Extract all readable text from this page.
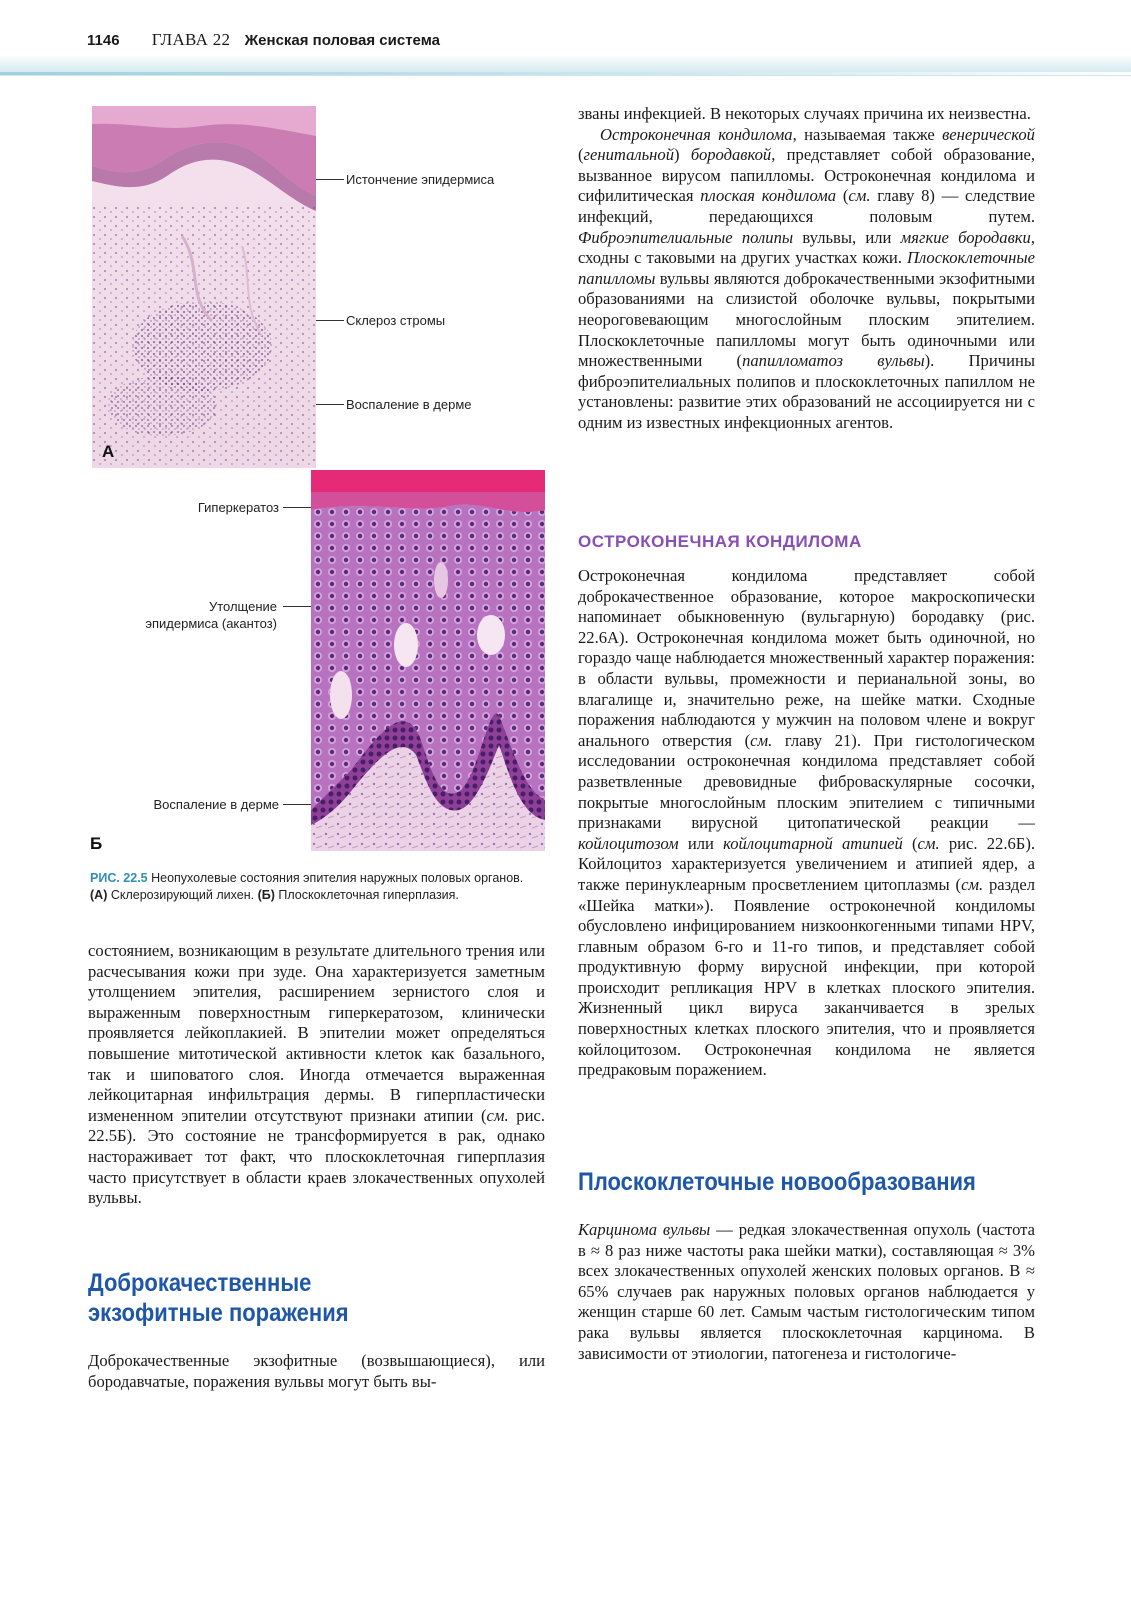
1146 ГЛАВА 22 Женская половая система
Истончение эпидермиса
Склероз стромы
Воспаление в дерме
А
Гиперкератоз
Утолщение
эпидермиса (акантоз)
Воспаление в дерме
Б
РИС. 22.5 Неопухолевые состояния эпителия наружных половых органов.
(А) Склерозирующий лихен. (Б) Плоскоклеточная гиперплазия.

состоянием, возникающим в результате длительного трения или расчесывания кожи при зуде. Она характеризуется заметным утолщением эпителия, расширением зернистого слоя и выраженным поверхностным гиперкератозом, клинически проявляется лейкоплакией. В эпителии может определяться повышение митотической активности клеток как базального, так и шиповатого слоя. Иногда отмечается выраженная лейкоцитарная инфильтрация дермы. В гиперпластически измененном эпителии отсутствуют признаки атипии (см. рис. 22.5Б). Это состояние не трансформируется в рак, однако настораживает тот факт, что плоскоклеточная гиперплазия часто присутствует в области краев злокачественных опухолей вульвы.

Доброкачественные
экзофитные поражения

Доброкачественные экзофитные (возвышающиеся), или бородавчатые, поражения вульвы могут быть вы-

званы инфекцией. В некоторых случаях причина их неизвестна.

Остроконечная кондилома, называемая также венерической (генитальной) бородавкой, представляет собой образование, вызванное вирусом папилломы. Остроконечная кондилома и сифилитическая плоская кондилома (см. главу 8) — следствие инфекций, передающихся половым путем. Фиброэпителиальные полипы вульвы, или мягкие бородавки, сходны с таковыми на других участках кожи. Плоскоклеточные папилломы вульвы являются доброкачественными экзофитными образованиями на слизистой оболочке вульвы, покрытыми неороговевающим многослойным плоским эпителием. Плоскоклеточные папилломы могут быть одиночными или множественными (папилломатоз вульвы). Причины фиброэпителиальных полипов и плоскоклеточных папиллом не установлены: развитие этих образований не ассоциируется ни с одним из известных инфекционных агентов.

ОСТРОКОНЕЧНАЯ КОНДИЛОМА

Остроконечная кондилома представляет собой доброкачественное образование, которое макроскопически напоминает обыкновенную (вульгарную) бородавку (рис. 22.6А). Остроконечная кондилома может быть одиночной, но гораздо чаще наблюдается множественный характер поражения: в области вульвы, промежности и перианальной зоны, во влагалище и, значительно реже, на шейке матки. Сходные поражения наблюдаются у мужчин на половом члене и вокруг анального отверстия (см. главу 21). При гистологическом исследовании остроконечная кондилома представляет собой разветвленные древовидные фиброваскулярные сосочки, покрытые многослойным плоским эпителием с типичными признаками вирусной цитопатической реакции — койлоцитозом или койлоцитарной атипией (см. рис. 22.6Б). Койлоцитоз характеризуется увеличением и атипией ядер, а также перинуклеарным просветлением цитоплазмы (см. раздел «Шейка матки»). Появление остроконечной кондиломы обусловлено инфицированием низкоонкогенными типами HPV, главным образом 6-го и 11-го типов, и представляет собой продуктивную форму вирусной инфекции, при которой происходит репликация HPV в клетках плоского эпителия. Жизненный цикл вируса заканчивается в зрелых поверхностных клетках плоского эпителия, что и проявляется койлоцитозом. Остроконечная кондилома не является предраковым поражением.

Плоскоклеточные новообразования

Карцинома вульвы — редкая злокачественная опухоль (частота в ≈ 8 раз ниже частоты рака шейки матки), составляющая ≈ 3% всех злокачественных опухолей женских половых органов. В ≈ 65% случаев рак наружных половых органов наблюдается у женщин старше 60 лет. Самым частым гистологическим типом рака вульвы является плоскоклеточная карцинома. В зависимости от этиологии, патогенеза и гистологиче-
